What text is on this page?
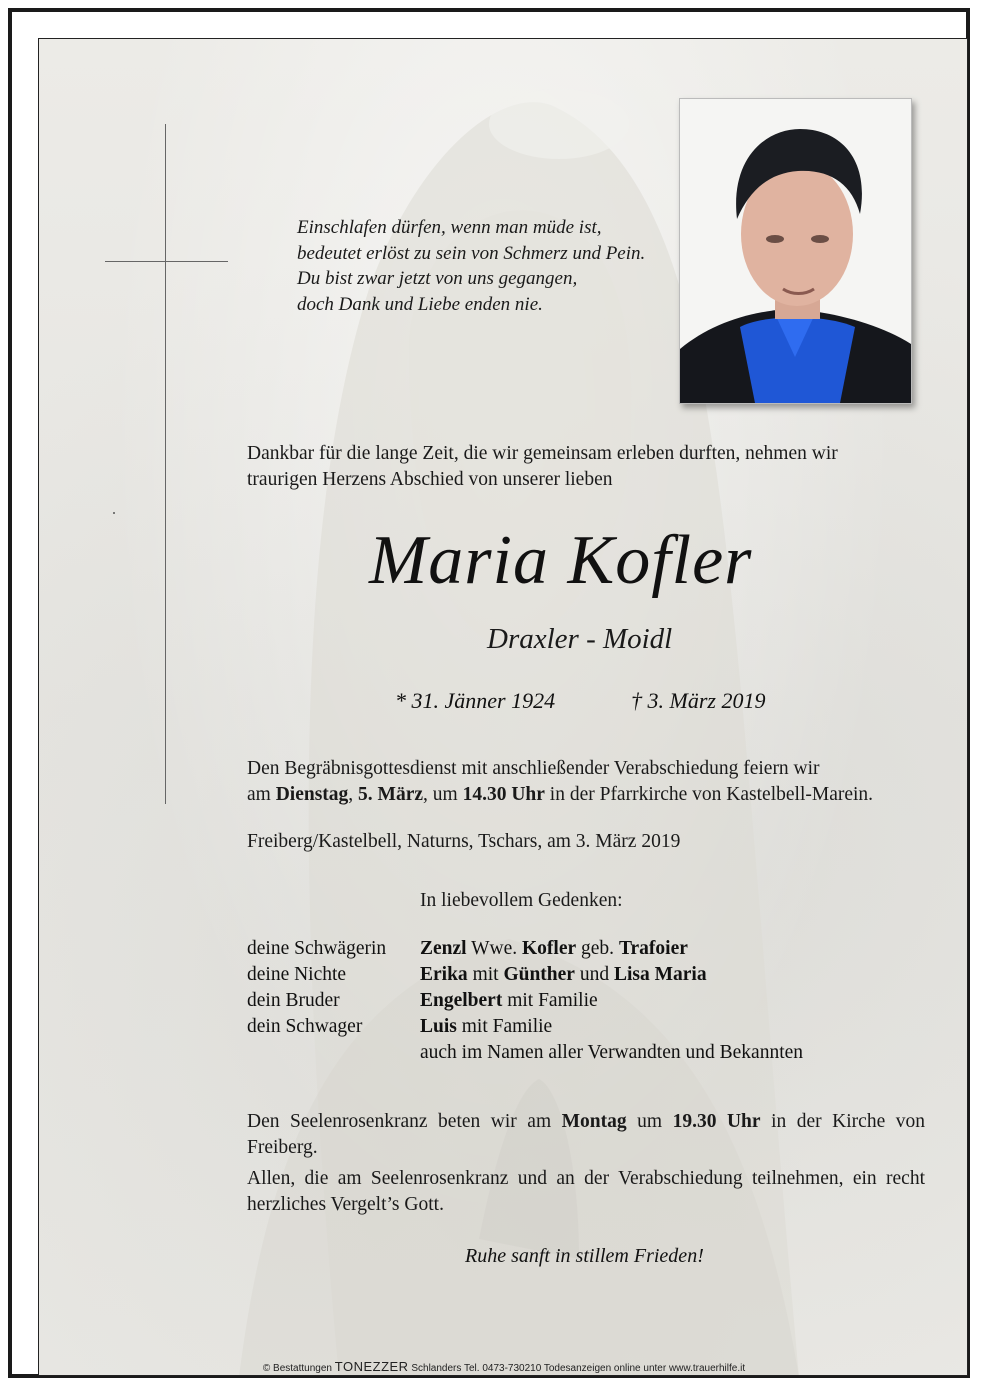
Einschlafen dürfen, wenn man müde ist,
bedeutet erlöst zu sein von Schmerz und Pein.
Du bist zwar jetzt von uns gegangen,
doch Dank und Liebe enden nie.
Dankbar für die lange Zeit, die wir gemeinsam erleben durften, nehmen wir
traurigen Herzens Abschied von unserer lieben
Maria Kofler
Draxler - Moidl
* 31. Jänner 1924	† 3. März 2019
Den Begräbnisgottesdienst mit anschließender Verabschiedung feiern wir
am Dienstag, 5. März, um 14.30 Uhr in der Pfarrkirche von Kastelbell-Marein.
Freiberg/Kastelbell, Naturns, Tschars, am 3. März 2019
In liebevollem Gedenken:
deine Schwägerin	Zenzl Wwe. Kofler geb. Trafoier
deine Nichte	Erika mit Günther und Lisa Maria
dein Bruder	Engelbert mit Familie
dein Schwager	Luis mit Familie
auch im Namen aller Verwandten und Bekannten
Den Seelenrosenkranz beten wir am Montag um 19.30 Uhr in der Kirche von Freiberg.
Allen, die am Seelenrosenkranz und an der Verabschiedung teilnehmen, ein recht herzliches Vergelt’s Gott.
Ruhe sanft in stillem Frieden!
© Bestattungen TONEZZER Schlanders Tel. 0473-730210 Todesanzeigen online unter www.trauerhilfe.it
